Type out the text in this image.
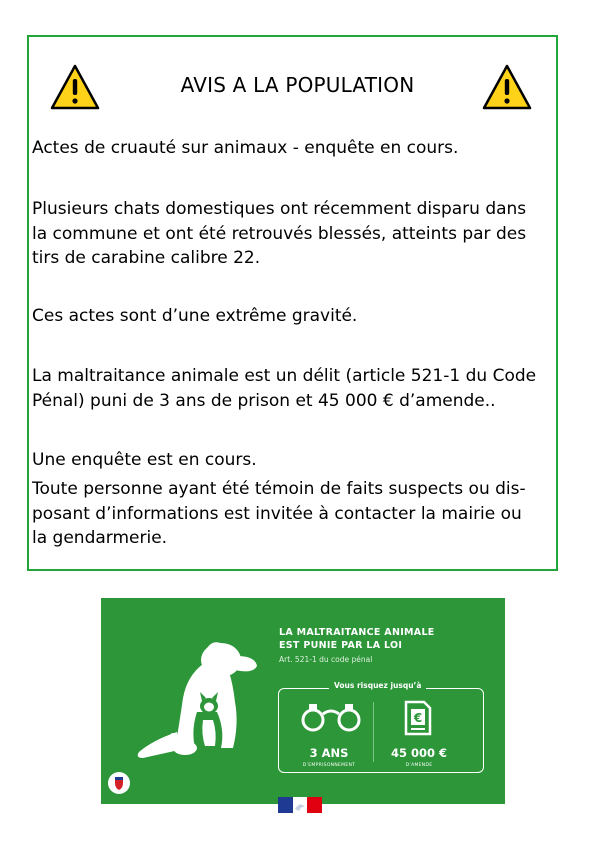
AVIS A LA POPULATION
Actes de cruauté sur animaux - enquête en cours.
Plusieurs chats domestiques ont récemment disparu dans
la commune et ont été retrouvés blessés, atteints par des
tirs de carabine calibre 22.
Ces actes sont d’une extrême gravité.
La maltraitance animale est un délit (article 521-1 du Code
Pénal) puni de 3 ans de prison et 45 000 € d’amende..
Une enquête est en cours.
Toute personne ayant été témoin de faits suspects ou dis-
posant d’informations est invitée à contacter la mairie ou
la gendarmerie.
LA MALTRAITANCE ANIMALE
EST PUNIE PAR LA LOI
Art. 521-1 du code pénal
Vous risquez jusqu’à
€
3 ANS
D’EMPRISONNEMENT
45 000 €
D’AMENDE
